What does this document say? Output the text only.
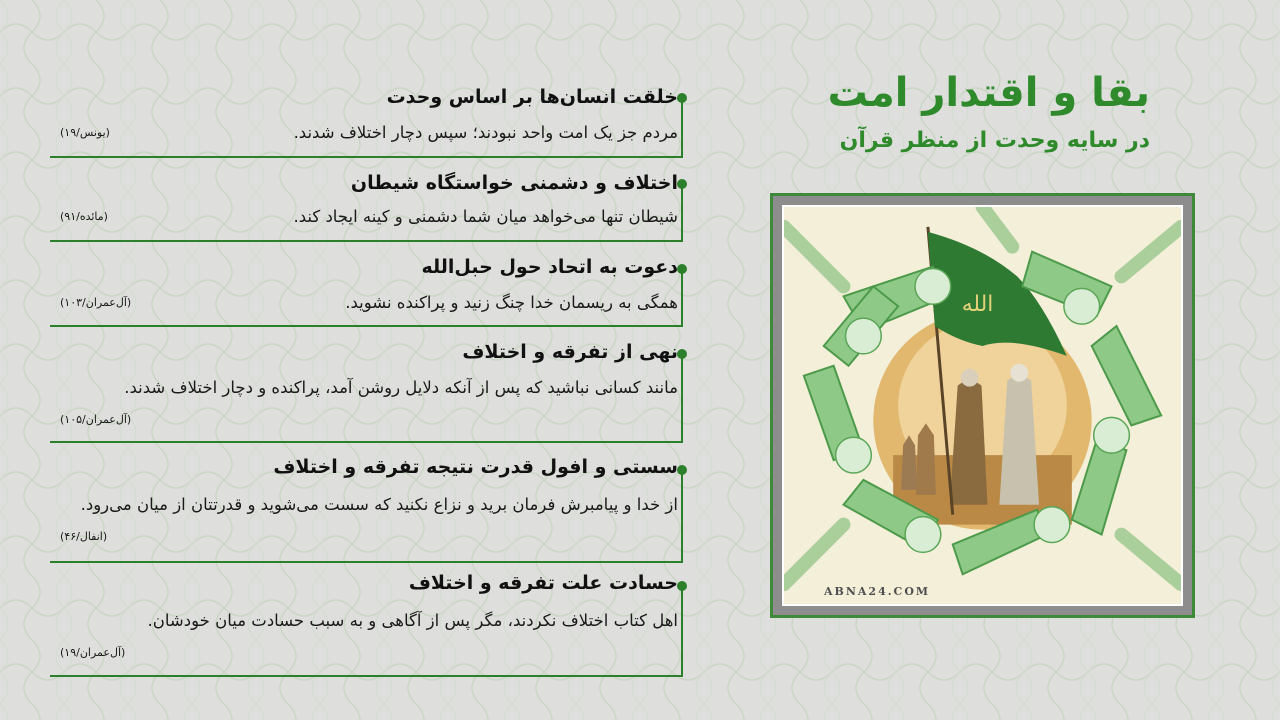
بقا و اقتدار امت
در سایه وحدت از منظر قرآن
الله
ABNA24.COM
خلقت انسان‌ها بر اساس وحدت
مردم جز یک امت واحد نبودند؛ سپس دچار اختلاف شدند.
(یونس/۱۹)
اختلاف و دشمنی خواستگاه شیطان
شیطان تنها می‌خواهد میان شما دشمنی و کینه ایجاد کند.
(مائده/۹۱)
دعوت به اتحاد حول حبل‌الله
همگی به ریسمان خدا چنگ زنید و پراکنده نشوید.
(آل‌عمران/۱۰۳)
نهی از تفرقه و اختلاف
مانند کسانی نباشید که پس از آنکه دلایل روشن آمد، پراکنده و دچار اختلاف شدند.
(آل‌عمران/۱۰۵)
سستی و افول قدرت نتیجه تفرقه و اختلاف
از خدا و پیامبرش فرمان برید و نزاع نکنید که سست می‌شوید و قدرتتان از میان می‌رود.
(انفال/۴۶)
حسادت علت تفرقه و اختلاف
اهل کتاب اختلاف نکردند، مگر پس از آگاهی و به سبب حسادت میان خودشان.
(آل‌عمران/۱۹)
